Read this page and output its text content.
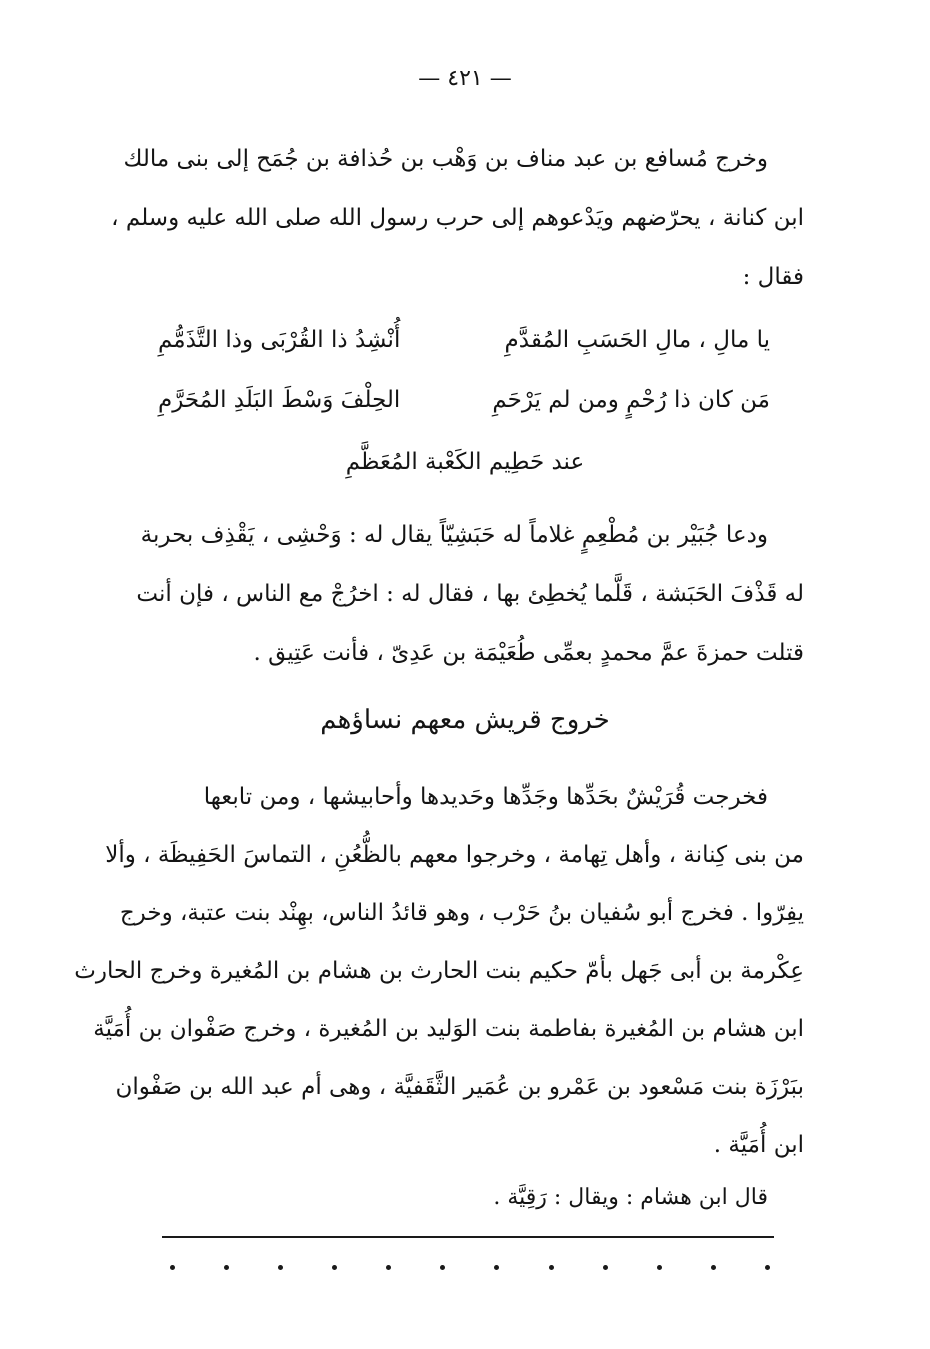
— ٤٢١ —
وخرج مُسافع بن عبد مناف بن وَهْب بن حُذافة بن جُمَح إلى بنى مالك
ابن كنانة ، يحرّضهم ويَدْعوهم إلى حرب رسول الله صلى الله عليه وسلم ،
فقال :
يا مالِ ، مالِ الحَسَبِ المُقدَّمِ
أُنْشِدُ ذا القُرْبَى وذا التَّذَمُّمِ
مَن كان ذا رُحْمٍ ومن لم يَرْحَمِ
الحِلْفَ وَسْطَ البَلَدِ المُحَرَّمِ
عند حَطِيم الكَعْبة المُعَظَّمِ
ودعا جُبَيْر بن مُطْعِمٍ غلاماً له حَبَشِيّاً يقال له : وَحْشِى ، يَقْذِف بحربة
له قَذْفَ الحَبَشة ، قَلَّما يُخطِئ بها ، فقال له : اخرُجْ مع الناس ، فإن أنت
قتلت حمزةَ عمَّ محمدٍ بعمِّى طُعَيْمَة بن عَدِىّ ، فأنت عَتِيق .
خروج قريش معهم نساؤهم
فخرجت قُرَيْشٌ بحَدِّها وجَدِّها وحَديدها وأحابيشها ، ومن تابعها
من بنى كِنانة ، وأهل تِهامة ، وخرجوا معهم بالظُّعُنِ ، التماسَ الحَفِيظَة ، وألا
يفِرّوا . فخرج أبو سُفيان بنُ حَرْب ، وهو قائدُ الناس، بهِنْد بنت عتبة، وخرج
عِكْرمة بن أبى جَهل بأمّ حكيم بنت الحارث بن هشام بن المُغيرة وخرج الحارث
ابن هشام بن المُغيرة بفاطمة بنت الوَليد بن المُغيرة ، وخرج صَفْوان بن أُمَيَّة
ببَرْزَة بنت مَسْعود بن عَمْرو بن عُمَير الثَّقَفيَّة ، وهى أم عبد الله بن صَفْوان
ابن أُمَيَّة .
قال ابن هشام : ويقال : رَقِيَّة .
